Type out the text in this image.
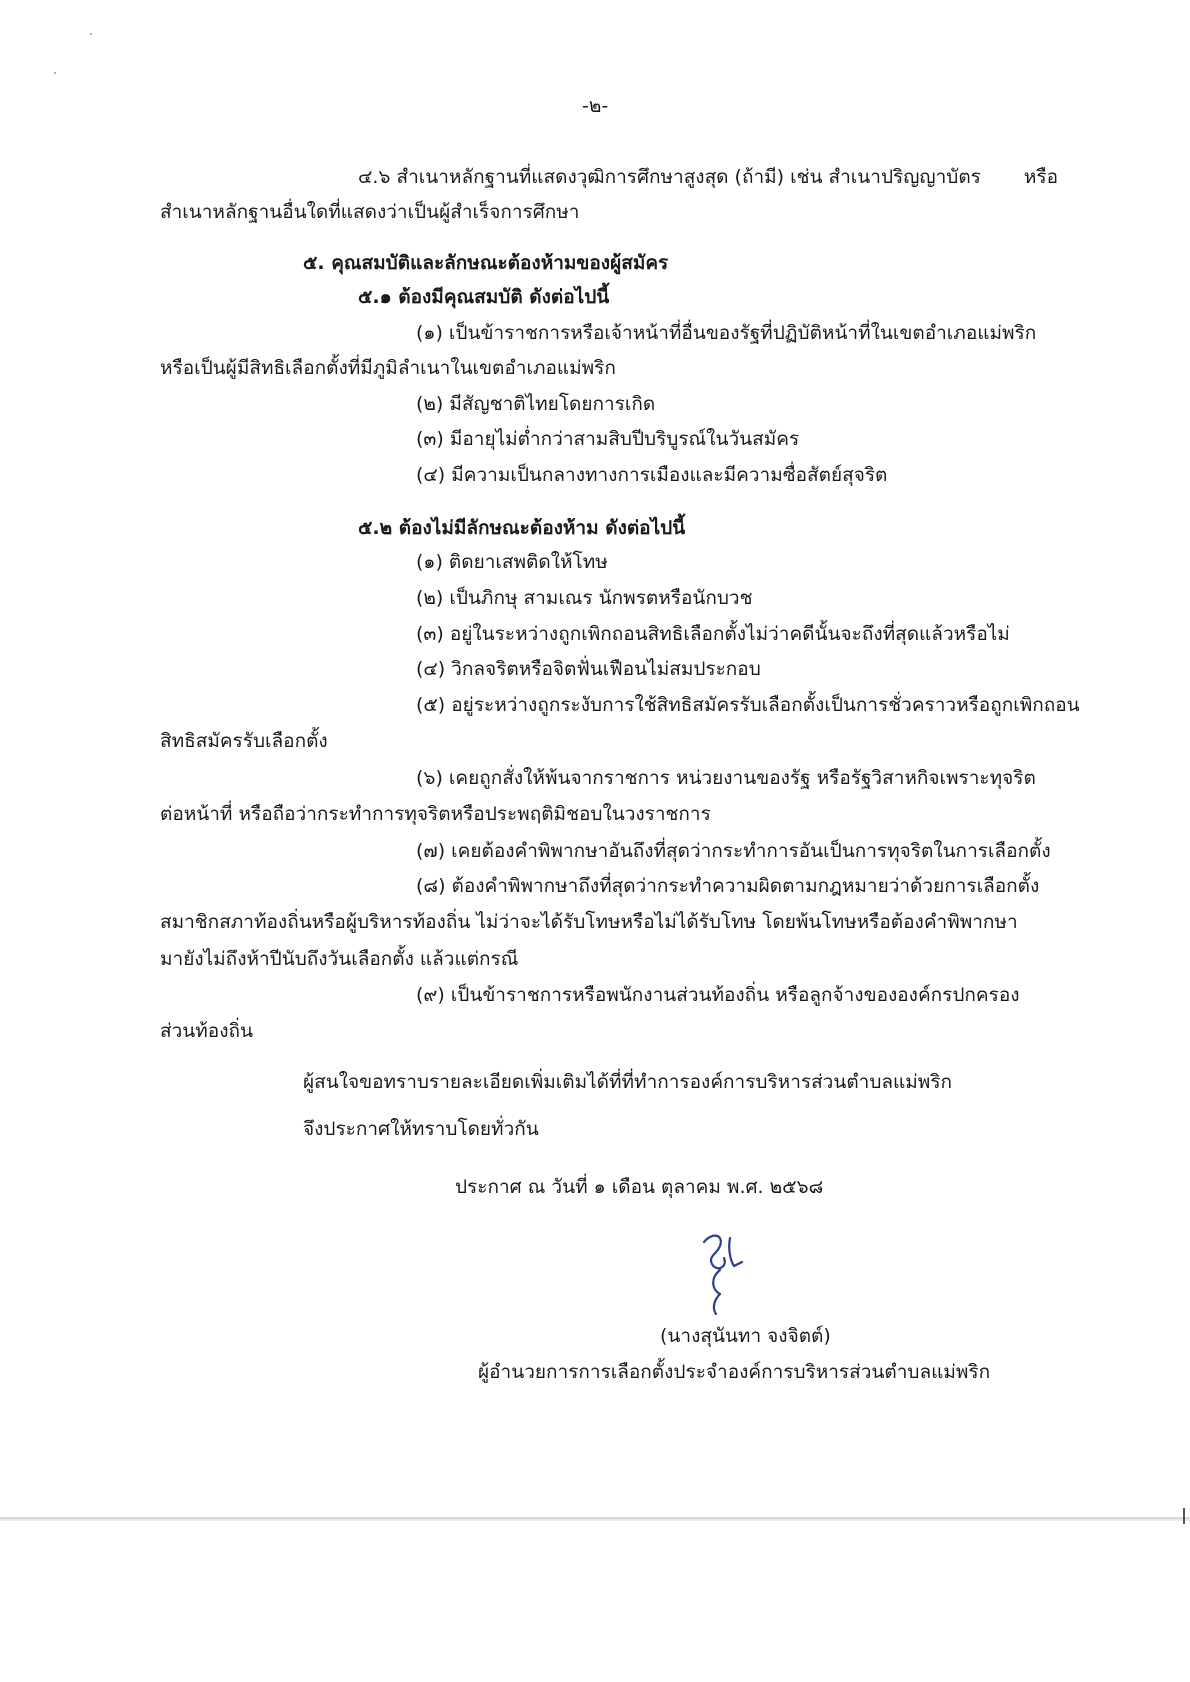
-๒-
๔.๖ สำเนาหลักฐานที่แสดงวุฒิการศึกษาสูงสุด (ถ้ามี) เช่น สำเนาปริญญาบัตร หรือ
สำเนาหลักฐานอื่นใดที่แสดงว่าเป็นผู้สำเร็จการศึกษา
๕. คุณสมบัติและลักษณะต้องห้ามของผู้สมัคร
๕.๑ ต้องมีคุณสมบัติ ดังต่อไปนี้
(๑) เป็นข้าราชการหรือเจ้าหน้าที่อื่นของรัฐที่ปฏิบัติหน้าที่ในเขตอำเภอแม่พริก
หรือเป็นผู้มีสิทธิเลือกตั้งที่มีภูมิลำเนาในเขตอำเภอแม่พริก
(๒) มีสัญชาติไทยโดยการเกิด
(๓) มีอายุไม่ต่ำกว่าสามสิบปีบริบูรณ์ในวันสมัคร
(๔) มีความเป็นกลางทางการเมืองและมีความซื่อสัตย์สุจริต
๕.๒ ต้องไม่มีลักษณะต้องห้าม ดังต่อไปนี้
(๑) ติดยาเสพติดให้โทษ
(๒) เป็นภิกษุ สามเณร นักพรตหรือนักบวช
(๓) อยู่ในระหว่างถูกเพิกถอนสิทธิเลือกตั้งไม่ว่าคดีนั้นจะถึงที่สุดแล้วหรือไม่
(๔) วิกลจริตหรือจิตฟั่นเฟือนไม่สมประกอบ
(๕) อยู่ระหว่างถูกระงับการใช้สิทธิสมัครรับเลือกตั้งเป็นการชั่วคราวหรือถูกเพิกถอน
สิทธิสมัครรับเลือกตั้ง
(๖) เคยถูกสั่งให้พ้นจากราชการ หน่วยงานของรัฐ หรือรัฐวิสาหกิจเพราะทุจริต
ต่อหน้าที่ หรือถือว่ากระทำการทุจริตหรือประพฤติมิชอบในวงราชการ
(๗) เคยต้องคำพิพากษาอันถึงที่สุดว่ากระทำการอันเป็นการทุจริตในการเลือกตั้ง
(๘) ต้องคำพิพากษาถึงที่สุดว่ากระทำความผิดตามกฎหมายว่าด้วยการเลือกตั้ง
สมาชิกสภาท้องถิ่นหรือผู้บริหารท้องถิ่น ไม่ว่าจะได้รับโทษหรือไม่ได้รับโทษ โดยพ้นโทษหรือต้องคำพิพากษา
มายังไม่ถึงห้าปีนับถึงวันเลือกตั้ง แล้วแต่กรณี
(๙) เป็นข้าราชการหรือพนักงานส่วนท้องถิ่น หรือลูกจ้างขององค์กรปกครอง
ส่วนท้องถิ่น
ผู้สนใจขอทราบรายละเอียดเพิ่มเติมได้ที่ที่ทำการองค์การบริหารส่วนตำบลแม่พริก
จึงประกาศให้ทราบโดยทั่วกัน
ประกาศ ณ วันที่ ๑ เดือน ตุลาคม พ.ศ. ๒๕๖๘
(นางสุนันทา จงจิตต์)
ผู้อำนวยการการเลือกตั้งประจำองค์การบริหารส่วนตำบลแม่พริก
